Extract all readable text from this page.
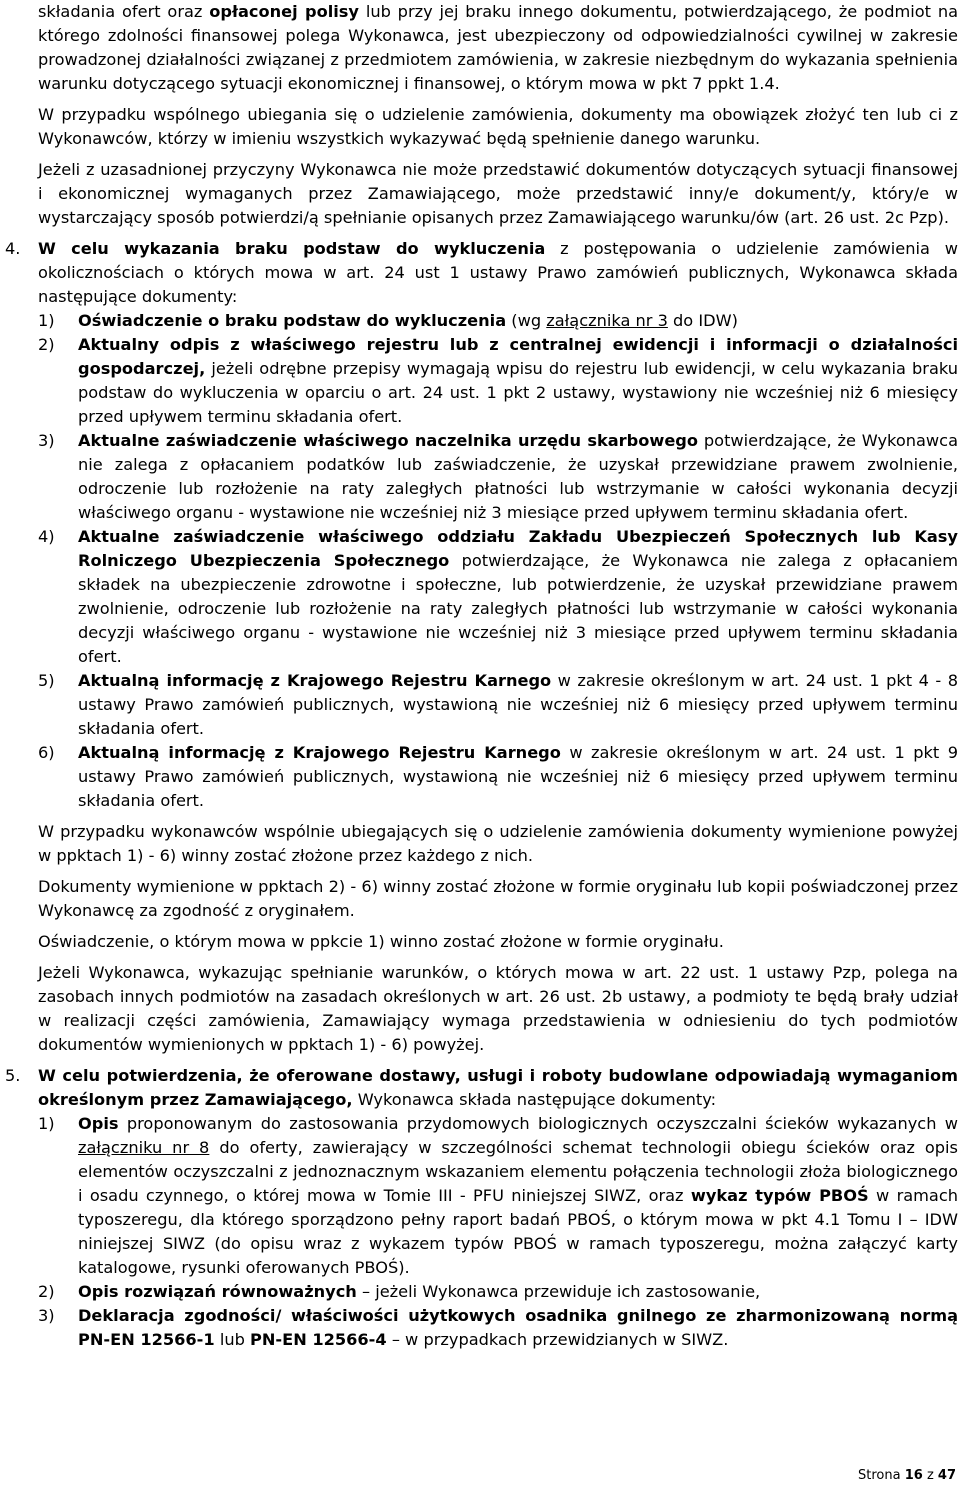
składania ofert oraz opłaconej polisy lub przy jej braku innego dokumentu, potwierdzającego, że podmiot na którego zdolności finansowej polega Wykonawca, jest ubezpieczony od odpowiedzialności cywilnej w zakresie prowadzonej działalności związanej z przedmiotem zamówienia, w zakresie niezbędnym do wykazania spełnienia warunku dotyczącego sytuacji ekonomicznej i finansowej, o którym mowa w pkt 7 ppkt 1.4.

W przypadku wspólnego ubiegania się o udzielenie zamówienia, dokumenty ma obowiązek złożyć ten lub ci z Wykonawców, którzy w imieniu wszystkich wykazywać będą spełnienie danego warunku.

Jeżeli z uzasadnionej przyczyny Wykonawca nie może przedstawić dokumentów dotyczących sytuacji finansowej i ekonomicznej wymaganych przez Zamawiającego, może przedstawić inny/e dokument/y, który/e w wystarczający sposób potwierdzi/ą spełnianie opisanych przez Zamawiającego warunku/ów (art. 26 ust. 2c Pzp).

4. W celu wykazania braku podstaw do wykluczenia z postępowania o udzielenie zamówienia w okolicznościach o których mowa w art. 24 ust 1 ustawy Prawo zamówień publicznych, Wykonawca składa następujące dokumenty:

1) Oświadczenie o braku podstaw do wykluczenia (wg załącznika nr 3 do IDW)

2) Aktualny odpis z właściwego rejestru lub z centralnej ewidencji i informacji o działalności gospodarczej, jeżeli odrębne przepisy wymagają wpisu do rejestru lub ewidencji, w celu wykazania braku podstaw do wykluczenia w oparciu o art. 24 ust. 1 pkt 2 ustawy, wystawiony nie wcześniej niż 6 miesięcy przed upływem terminu składania ofert.

3) Aktualne zaświadczenie właściwego naczelnika urzędu skarbowego potwierdzające, że Wykonawca nie zalega z opłacaniem podatków lub zaświadczenie, że uzyskał przewidziane prawem zwolnienie, odroczenie lub rozłożenie na raty zaległych płatności lub wstrzymanie w całości wykonania decyzji właściwego organu - wystawione nie wcześniej niż 3 miesiące przed upływem terminu składania ofert.

4) Aktualne zaświadczenie właściwego oddziału Zakładu Ubezpieczeń Społecznych lub Kasy Rolniczego Ubezpieczenia Społecznego potwierdzające, że Wykonawca nie zalega z opłacaniem składek na ubezpieczenie zdrowotne i społeczne, lub potwierdzenie, że uzyskał przewidziane prawem zwolnienie, odroczenie lub rozłożenie na raty zaległych płatności lub wstrzymanie w całości wykonania decyzji właściwego organu - wystawione nie wcześniej niż 3 miesiące przed upływem terminu składania ofert.

5) Aktualną informację z Krajowego Rejestru Karnego w zakresie określonym w art. 24 ust. 1 pkt 4 - 8 ustawy Prawo zamówień publicznych, wystawioną nie wcześniej niż 6 miesięcy przed upływem terminu składania ofert.

6) Aktualną informację z Krajowego Rejestru Karnego w zakresie określonym w art. 24 ust. 1 pkt 9 ustawy Prawo zamówień publicznych, wystawioną nie wcześniej niż 6 miesięcy przed upływem terminu składania ofert.

W przypadku wykonawców wspólnie ubiegających się o udzielenie zamówienia dokumenty wymienione powyżej w ppktach 1) - 6) winny zostać złożone przez każdego z nich.

Dokumenty wymienione w ppktach 2) - 6) winny zostać złożone w formie oryginału lub kopii poświadczonej przez Wykonawcę za zgodność z oryginałem.

Oświadczenie, o którym mowa w ppkcie 1) winno zostać złożone w formie oryginału.

Jeżeli Wykonawca, wykazując spełnianie warunków, o których mowa w art. 22 ust. 1 ustawy Pzp, polega na zasobach innych podmiotów na zasadach określonych w art. 26 ust. 2b ustawy, a podmioty te będą brały udział w realizacji części zamówienia, Zamawiający wymaga przedstawienia w odniesieniu do tych podmiotów dokumentów wymienionych w ppktach 1) - 6) powyżej.

5. W celu potwierdzenia, że oferowane dostawy, usługi i roboty budowlane odpowiadają wymaganiom określonym przez Zamawiającego, Wykonawca składa następujące dokumenty:

1) Opis proponowanym do zastosowania przydomowych biologicznych oczyszczalni ścieków wykazanych w załączniku nr 8 do oferty, zawierający w szczególności schemat technologii obiegu ścieków oraz opis elementów oczyszczalni z jednoznacznym wskazaniem elementu połączenia technologii złoża biologicznego i osadu czynnego, o której mowa w Tomie III - PFU niniejszej SIWZ, oraz wykaz typów PBOŚ w ramach typoszeregu, dla którego sporządzono pełny raport badań PBOŚ, o którym mowa w pkt 4.1 Tomu I – IDW niniejszej SIWZ (do opisu wraz z wykazem typów PBOŚ w ramach typoszeregu, można załączyć karty katalogowe, rysunki oferowanych PBOŚ).

2) Opis rozwiązań równoważnych – jeżeli Wykonawca przewiduje ich zastosowanie,

3) Deklaracja zgodności/ właściwości użytkowych osadnika gnilnego ze zharmonizowaną normą PN-EN 12566-1 lub PN-EN 12566-4 – w przypadkach przewidzianych w SIWZ.

Strona 16 z 47
